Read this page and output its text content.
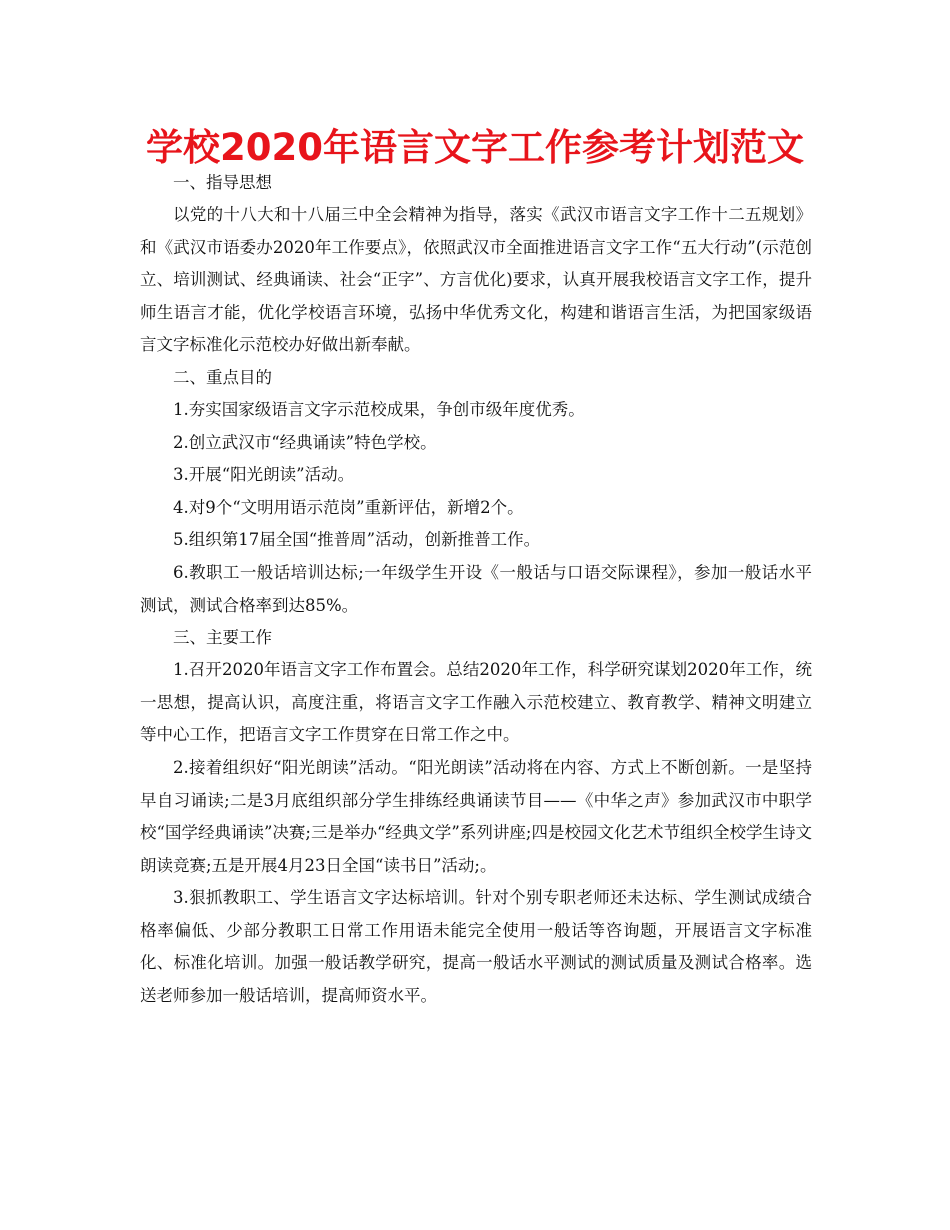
学校2020年语言文字工作参考计划范文

一、指导思想

以党的十八大和十八届三中全会精神为指导，落实《武汉市语言文字工作十二五规划》和《武汉市语委办2020年工作要点》，依照武汉市全面推进语言文字工作“五大行动”(示范创立、培训测试、经典诵读、社会“正字”、方言优化)要求，认真开展我校语言文字工作，提升师生语言才能，优化学校语言环境，弘扬中华优秀文化，构建和谐语言生活，为把国家级语言文字标准化示范校办好做出新奉献。

二、重点目的

1.夯实国家级语言文字示范校成果，争创市级年度优秀。

2.创立武汉市“经典诵读”特色学校。

3.开展“阳光朗读”活动。

4.对9个“文明用语示范岗”重新评估，新增2个。

5.组织第17届全国“推普周”活动，创新推普工作。

6.教职工一般话培训达标;一年级学生开设《一般话与口语交际课程》，参加一般话水平测试，测试合格率到达85%。

三、主要工作

1.召开2020年语言文字工作布置会。总结2020年工作，科学研究谋划2020年工作，统一思想，提高认识，高度注重，将语言文字工作融入示范校建立、教育教学、精神文明建立等中心工作，把语言文字工作贯穿在日常工作之中。

2.接着组织好“阳光朗读”活动。“阳光朗读”活动将在内容、方式上不断创新。一是坚持早自习诵读;二是3月底组织部分学生排练经典诵读节目——《中华之声》参加武汉市中职学校“国学经典诵读”决赛;三是举办“经典文学”系列讲座;四是校园文化艺术节组织全校学生诗文朗读竞赛;五是开展4月23日全国“读书日”活动;。

3.狠抓教职工、学生语言文字达标培训。针对个别专职老师还未达标、学生测试成绩合格率偏低、少部分教职工日常工作用语未能完全使用一般话等咨询题，开展语言文字标准化、标准化培训。加强一般话教学研究，提高一般话水平测试的测试质量及测试合格率。选送老师参加一般话培训，提高师资水平。
